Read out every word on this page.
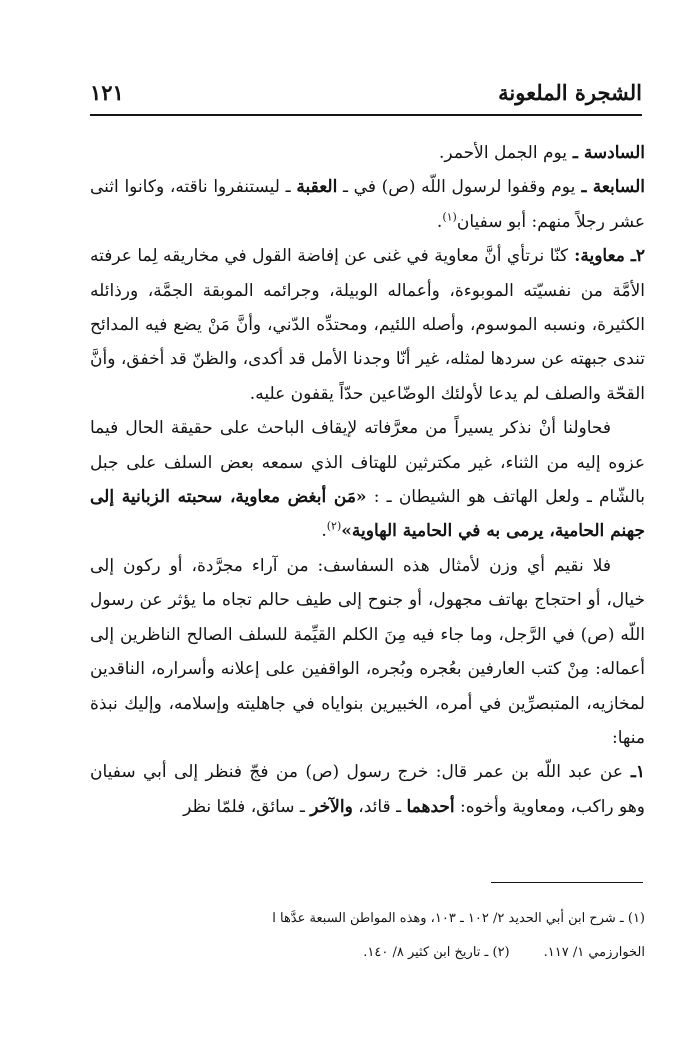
الشجرة الملعونة
١٢١

السادسة ـ يوم الجمل الأحمر.

السابعة ـ يوم وقفوا لرسول اللّه (ص) في ـ العقبة ـ ليستنفروا ناقته، وكانوا اثنى عشر رجلاً منهم: أبو سفيان$^{(١)}$.

٢ـ معاوية: كنّا نرتأي أنَّ معاوية في غنى عن إفاضة القول في مخاريقه لِما عرفته الأمَّة من نفسيّته الموبوءة، وأعماله الوبيلة، وجرائمه الموبقة الجمَّة، ورذائله الكثيرة، ونسبه الموسوم، وأصله اللئيم، ومحتدِّه الدّني، وأنَّ مَنْ يضع فيه المدائح تندى جبهته عن سردها لمثله، غير أنّا وجدنا الأمل قد أكدى، والظنّ قد أخفق، وأنَّ القحّة والصلف لم يدعا لأولئك الوضّاعين حدّاً يقفون عليه.

فحاولنا أنْ نذكر يسيراً من معرَّفاته لإيقاف الباحث على حقيقة الحال فيما عزوه إليه من الثناء، غير مكترثين للهتاف الذي سمعه بعض السلف على جبل بالشّام ـ ولعل الهاتف هو الشيطان ـ : «مَن أبغض معاوية، سحبته الزبانية إلى جهنم الحامية، يرمى به في الحامية الهاوية»$^{(٢)}$.

فلا نقيم أي وزن لأمثال هذه السفاسف: من آراء مجرَّدة، أو ركون إلى خيال، أو احتجاج بهاتف مجهول، أو جنوح إلى طيف حالم تجاه ما يؤثر عن رسول اللّه (ص) في الرَّجل، وما جاء فيه مِنَ الكلم القيِّمة للسلف الصالح الناظرين إلى أعماله: مِنْ كتب العارفين بعُجره وبُجره، الواقفين على إعلانه وأسراره، الناقدين لمخازيه، المتبصرِّين في أمره، الخبيرين بنواياه في جاهليته وإسلامه، وإليك نبذة منها:

١ـ عن عبد اللّه بن عمر قال: خرج رسول (ص) من فجّ فنظر إلى أبي سفيان وهو راكب، ومعاوية وأخوه: أحدهما ـ قائد، والآخر ـ سائق، فلمّا نظر

(١) ـ شرح ابن أبي الحديد ٢/ ١٠٢ ـ ١٠٣، وهذه المواطن السبعة عدَّها ا

الخوارزمي ١/ ١١٧.(٢) ـ تاريخ ابن كثير ٨/ ١٤٠.
